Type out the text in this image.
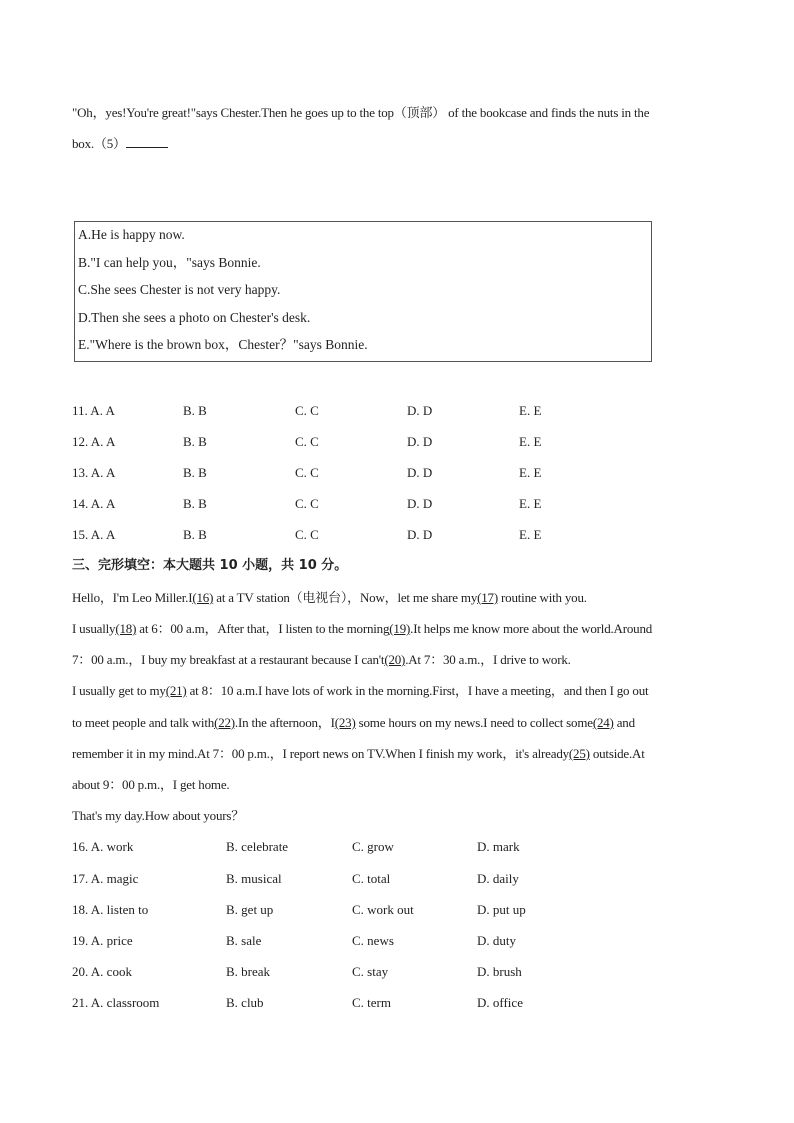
"Oh，yes!You're great!"says Chester.Then he goes up to the top（顶部） of the bookcase and finds the nuts in the
box.（5）
A.He is happy now.
B."I can help you，"says Bonnie.
C.She sees Chester is not very happy.
D.Then she sees a photo on Chester's desk.
E."Where is the brown box，Chester？"says Bonnie.
11. A. A	B. B	C. C	D. D	E. E
12. A. A	B. B	C. C	D. D	E. E
13. A. A	B. B	C. C	D. D	E. E
14. A. A	B. B	C. C	D. D	E. E
15. A. A	B. B	C. C	D. D	E. E
三、完形填空：本大题共 10 小题，共 10 分。
Hello，I'm Leo Miller.I(16) at a TV station（电视台），Now，let me share my(17) routine with you.
I usually(18) at 6：00 a.m，After that，I listen to the morning(19).It helps me know more about the world.Around
7：00 a.m.，I buy my breakfast at a restaurant because I can't(20).At 7：30 a.m.，I drive to work.
I usually get to my(21) at 8：10 a.m.I have lots of work in the morning.First，I have a meeting，and then I go out
to meet people and talk with(22).In the afternoon，I(23) some hours on my news.I need to collect some(24) and
remember it in my mind.At 7：00 p.m.，I report news on TV.When I finish my work，it's already(25) outside.At
about 9：00 p.m.，I get home.
That's my day.How about yours？
16. A. work	B. celebrate	C. grow	D. mark
17. A. magic	B. musical	C. total	D. daily
18. A. listen to	B. get up	C. work out	D. put up
19. A. price	B. sale	C. news	D. duty
20. A. cook	B. break	C. stay	D. brush
21. A. classroom	B. club	C. term	D. office
